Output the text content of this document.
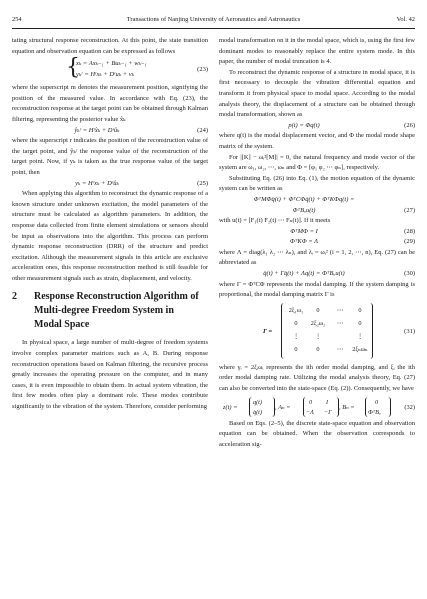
254	Transactions of Nanjing University of Aeronautics and Astronautics	Vol. 42

tating structural response reconstruction. At this point, the state transition equation and observation equation can be expressed as follows

{
xₖ = Axₖ₋₁ + Buₖ₋₁ + wₖ₋₁
yₖʳ = Hʳxₖ + Dʳuₖ + vₖ
(23)

where the superscript m denotes the measurement position, signifying the position of the measured value. In accordance with Eq. (23), the reconstruction response at the target point can be obtained through Kalman filtering, representing the posterior value x̂ₖ

ŷₖʳ = Hʳx̂ₖ + Dʳûₖ	(24)

where the superscript r indicates the position of the reconstruction value of the target point, and ŷₖʳ the response value of the reconstruction of the target point. Now, if yₖ is taken as the true response value of the target point, then

yₖ = Hʳxₖ + Dʳûₖ	(25)

When applying this algorithm to reconstruct the dynamic response of a known structure under unknown excitation, the model parameters of the structure must be calculated as algorithm parameters. In addition, the response data collected from finite element simulations or sensors should be input as observations into the algorithm. This process can perform dynamic response reconstruction (DRR) of the structure and predict excitation. Although the measurement signals in this article are exclusive acceleration ones, this response reconstruction method is still feasible for other measurement signals such as strain, displacement, and velocity.

2 Response Reconstruction Algorithm of Multi-degree Freedom System in Modal Space

In physical space, a large number of multi-degree of freedom systems involve complex parameter matrices such as A, B. During response reconstruction operations based on Kalman filtering, the recursive process greatly increases the operating pressure on the computer, and in many cases, it is even impossible to obtain them. In actual system vibration, the first few modes often play a dominant role. These modes contribute significantly to the vibration of the system. Therefore, consider performing

modal transformation on it in the modal space, which is, using the first few dominant modes to reasonably replace the entire system mode. In this paper, the number of modal truncation is 4.

To reconstruct the dynamic response of a structure in modal space, it is first necessary to decouple the vibration differential equation and transform it from physical space to modal space. According to the modal analysis theory, the displacement of a structure can be obtained through modal transformation, shown as

p(t) = Φq(t)	(26)

where q(t) is the modal displacement vector, and Φ the modal mode shape matrix of the system.

For |[K] − ωᵢ²[M]| = 0, the natural frequency and mode vector of the system are ω₁, ω₂, ⋯, ωₙ and Φ = [φ₁ φ₂ ⋯ φₙ], respectively.

Substituting Eq. (26) into Eq. (1), the motion equation of the dynamic system can be written as

ΦᵀMΦq̈(t) + ΦᵀCΦq̇(t) + ΦᵀKΦq(t) =
ΦᵀBᵤu(t)	(27)

with u(t) = [F₁(t) F₂(t) ⋯ Fₙ(t)]. If it meets

ΦᵀMΦ = I	(28)
ΦᵀKΦ = Λ	(29)

where Λ = diag(λ₁ λ₂ ⋯ λₙ), and λᵢ = ωᵢ² (i = 1, 2, ⋯, n), Eq. (27) can be abbreviated as

q̈(t) + Γq̇(t) + Λq(t) = ΦᵀBᵤu(t)	(30)

where Γ = ΦᵀCΦ represents the modal damping. If the system damping is proportional, the modal damping matrix Γ is

Γ =
2ξ₁ω₁	0	⋯	0
0	2ξ₂ω₂	⋯	0
⋮	⋮	⋮
0	0	⋯	2ξₙωₙ
(31)

where γᵢ = 2ξᵢωᵢ represents the ith order modal damping, and ξᵢ the ith order modal damping rate. Utilizing the modal analysis theory, Eq. (27) can also be converted into the state-space (Eq. (2)). Consequently, we have

z(t) =
q(t)
q̇(t)
, Aₙ =
0 I
−Λ −Γ
, Bₙ =
0
ΦᵀBᵤ
(32)

Based on Eqs. (2–5), the discrete state-space equation and observation equation can be obtained. When the observation corresponds to acceleration sig-
